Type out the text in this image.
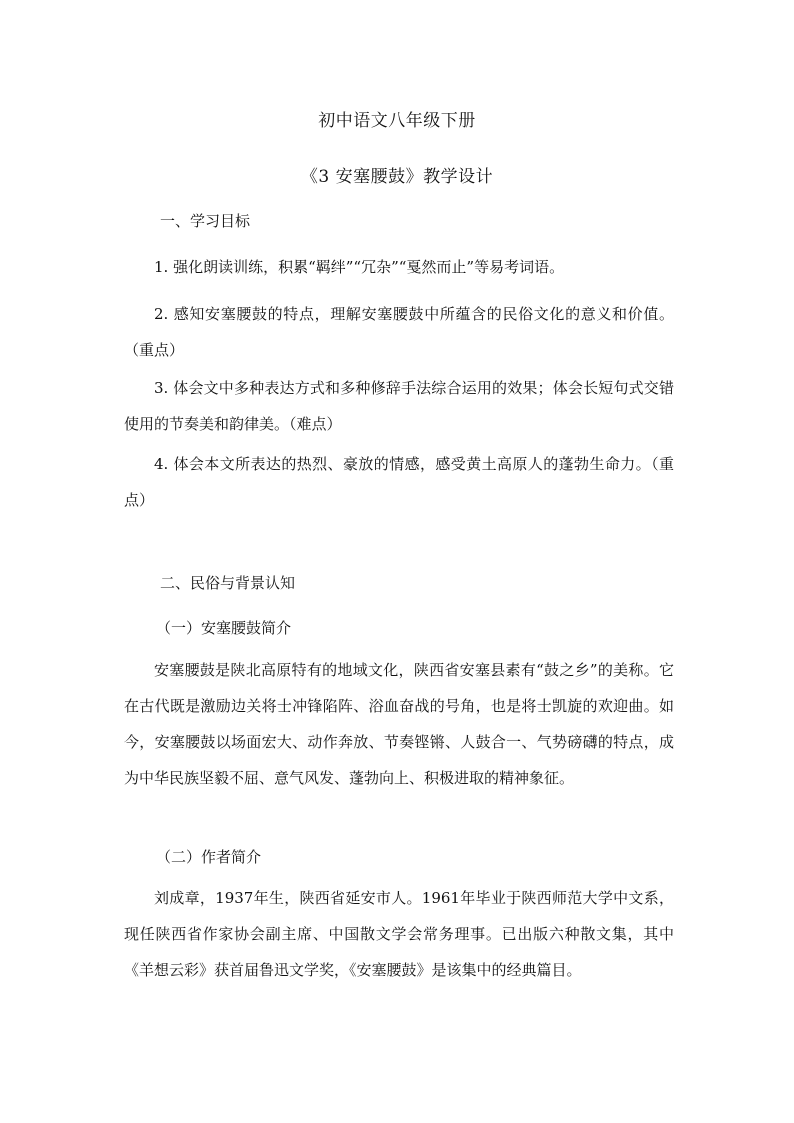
初中语文八年级下册
《3 安塞腰鼓》教学设计
一、学习目标
1. 强化朗读训练，积累“羁绊”“冗杂”“戛然而止”等易考词语。
2. 感知安塞腰鼓的特点，理解安塞腰鼓中所蕴含的民俗文化的意义和价值。（重点）
3. 体会文中多种表达方式和多种修辞手法综合运用的效果；体会长短句式交错使用的节奏美和韵律美。（难点）
4. 体会本文所表达的热烈、豪放的情感，感受黄土高原人的蓬勃生命力。（重点）
二、民俗与背景认知
（一）安塞腰鼓简介
安塞腰鼓是陕北高原特有的地域文化，陕西省安塞县素有“鼓之乡”的美称。它在古代既是激励边关将士冲锋陷阵、浴血奋战的号角，也是将士凯旋的欢迎曲。如今，安塞腰鼓以场面宏大、动作奔放、节奏铿锵、人鼓合一、气势磅礴的特点，成为中华民族坚毅不屈、意气风发、蓬勃向上、积极进取的精神象征。
（二）作者简介
刘成章，1937年生，陕西省延安市人。1961年毕业于陕西师范大学中文系，现任陕西省作家协会副主席、中国散文学会常务理事。已出版六种散文集，其中《羊想云彩》获首届鲁迅文学奖，《安塞腰鼓》是该集中的经典篇目。
